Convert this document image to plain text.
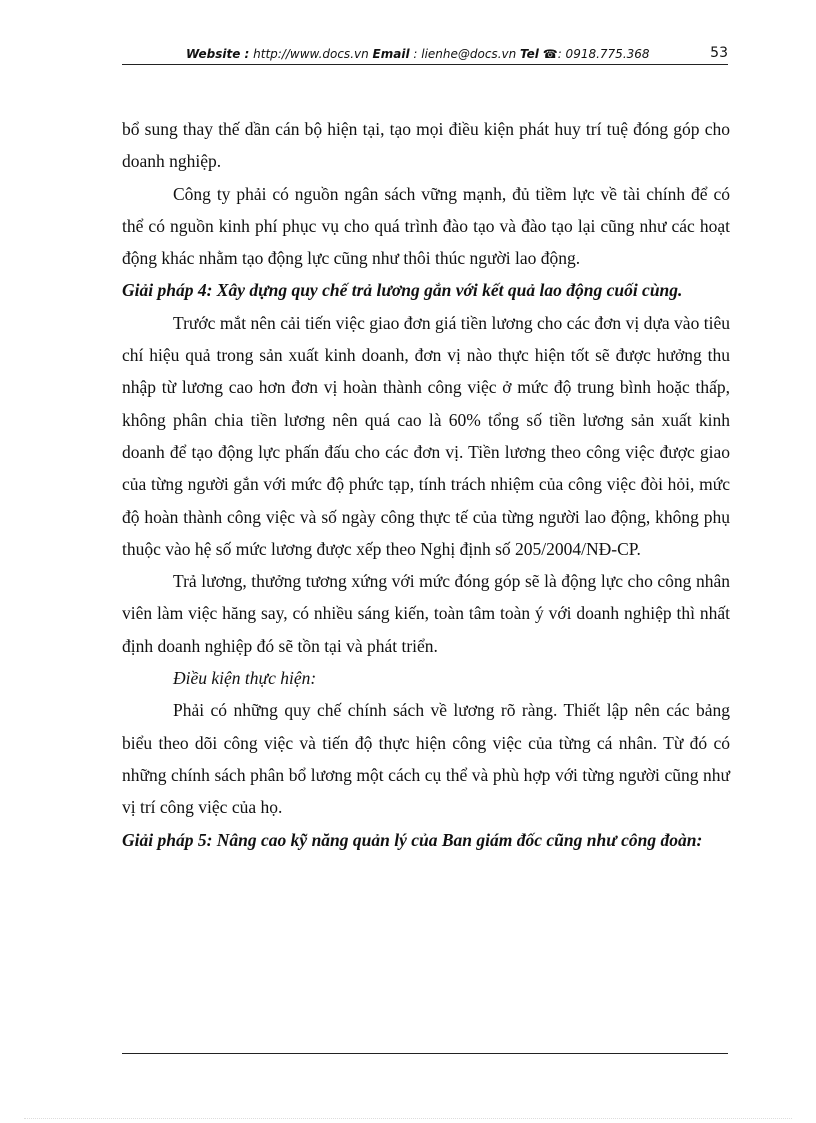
Website : http://www.docs.vn Email : lienhe@docs.vn Tel ☎: 0918.775.368	53

bổ sung thay thế dần cán bộ hiện tại, tạo mọi điều kiện phát huy trí tuệ đóng góp cho doanh nghiệp.

Công ty phải có nguồn ngân sách vững mạnh, đủ tiềm lực về tài chính để có thể có nguồn kinh phí phục vụ cho quá trình đào tạo và đào tạo lại cũng như các hoạt động khác nhằm tạo động lực cũng như thôi thúc người lao động.

Giải pháp 4: Xây dựng quy chế trả lương gắn với kết quả lao động cuối cùng.

Trước mắt nên cải tiến việc giao đơn giá tiền lương cho các đơn vị dựa vào tiêu chí hiệu quả trong sản xuất kinh doanh, đơn vị nào thực hiện tốt sẽ được hưởng thu nhập từ lương cao hơn đơn vị hoàn thành công việc ở mức độ trung bình hoặc thấp, không phân chia tiền lương nên quá cao là 60% tổng số tiền lương sản xuất kinh doanh để tạo động lực phấn đấu cho các đơn vị. Tiền lương theo công việc được giao của từng người gắn với mức độ phức tạp, tính trách nhiệm của công việc đòi hỏi, mức độ hoàn thành công việc và số ngày công thực tế của từng người lao động, không phụ thuộc vào hệ số mức lương được xếp theo Nghị định số 205/2004/NĐ-CP.

Trả lương, thưởng tương xứng với mức đóng góp sẽ là động lực cho công nhân viên làm việc hăng say, có nhiều sáng kiến, toàn tâm toàn ý với doanh nghiệp thì nhất định doanh nghiệp đó sẽ tồn tại và phát triển.

Điều kiện thực hiện:

Phải có những quy chế chính sách về lương rõ ràng. Thiết lập nên các bảng biểu theo dõi công việc và tiến độ thực hiện công việc của từng cá nhân. Từ đó có những chính sách phân bổ lương một cách cụ thể và phù hợp với từng người cũng như vị trí công việc của họ.

Giải pháp 5: Nâng cao kỹ năng quản lý của Ban giám đốc cũng như công đoàn:
